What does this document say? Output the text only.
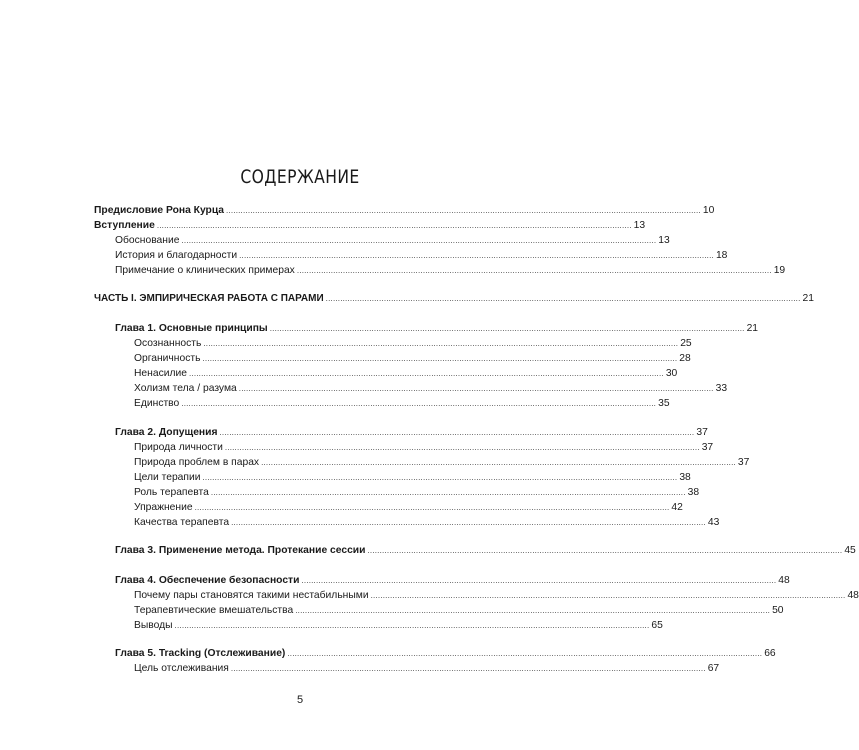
СОДЕРЖАНИЕ
Предисловие Рона Курца .................................................................................................................................................................................................... 10
Вступление .................................................................................................................................................................................................... 13
Обоснование .................................................................................................................................................................................................... 13
История и благодарности .................................................................................................................................................................................................... 18
Примечание о клинических примерах .................................................................................................................................................................................................... 19
ЧАСТЬ I. ЭМПИРИЧЕСКАЯ РАБОТА С ПАРАМИ .................................................................................................................................................................................................... 21
Глава 1. Основные принципы .................................................................................................................................................................................................... 21
Осознанность .................................................................................................................................................................................................... 25
Органичность .................................................................................................................................................................................................... 28
Ненасилие .................................................................................................................................................................................................... 30
Холизм тела / разума .................................................................................................................................................................................................... 33
Единство .................................................................................................................................................................................................... 35
Глава 2. Допущения .................................................................................................................................................................................................... 37
Природа личности .................................................................................................................................................................................................... 37
Природа проблем в парах .................................................................................................................................................................................................... 37
Цели терапии .................................................................................................................................................................................................... 38
Роль терапевта .................................................................................................................................................................................................... 38
Упражнение .................................................................................................................................................................................................... 42
Качества терапевта .................................................................................................................................................................................................... 43
Глава 3. Применение метода. Протекание сессии .................................................................................................................................................................................................... 45
Глава 4. Обеспечение безопасности .................................................................................................................................................................................................... 48
Почему пары становятся такими нестабильными .................................................................................................................................................................................................... 48
Терапевтические вмешательства .................................................................................................................................................................................................... 50
Выводы .................................................................................................................................................................................................... 65
Глава 5. Tracking (Отслеживание) .................................................................................................................................................................................................... 66
Цель отслеживания .................................................................................................................................................................................................... 67
5
